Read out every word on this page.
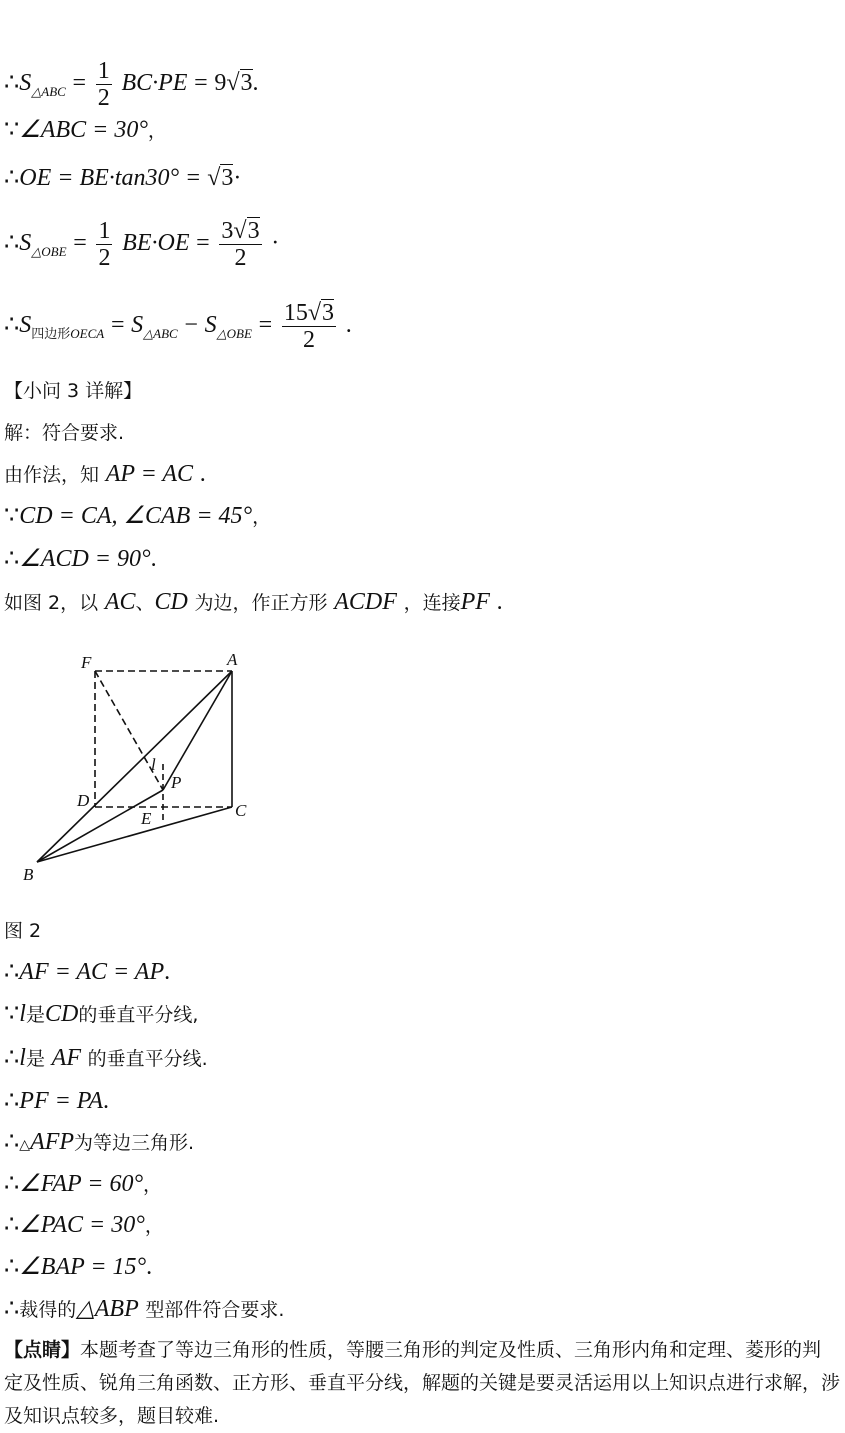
$\therefore S_{\triangle ABC} = \frac{1}{2} BC\cdot PE = 9√3$.
∵∠ABC = 30°，
∴OE = BE·tan30° = √3·
$\therefore S_{\triangle OBE} = \frac{1}{2} BE\cdot OE = \frac{3√3}{2}$ ·
$\therefore S_{四边形OECA} = S_{\triangle ABC} - S_{\triangle OBE} = \frac{15√3}{2}$ .
【小问 3 详解】
解：符合要求.
由作法，知 AP = AC .
∵CD = CA, ∠CAB = 45°，
∴∠ACD = 90°.
如图 2，以 AC、CD 为边，作正方形 ACDF ，连接PF .
F	A
D
C
E
P
B
l
图 2
∴AF = AC = AP.
∵l是CD的垂直平分线,
∴l是 AF 的垂直平分线.
∴PF = PA.
∴△AFP为等边三角形.
∴∠FAP = 60°，
∴∠PAC = 30°，
∴∠BAP = 15°.
∴裁得的△ABP 型部件符合要求.
【点睛】本题考查了等边三角形的性质，等腰三角形的判定及性质、三角形内角和定理、菱形的判定及性质、锐角三角函数、正方形、垂直平分线，解题的关键是要灵活运用以上知识点进行求解，涉及知识点较多，题目较难.
